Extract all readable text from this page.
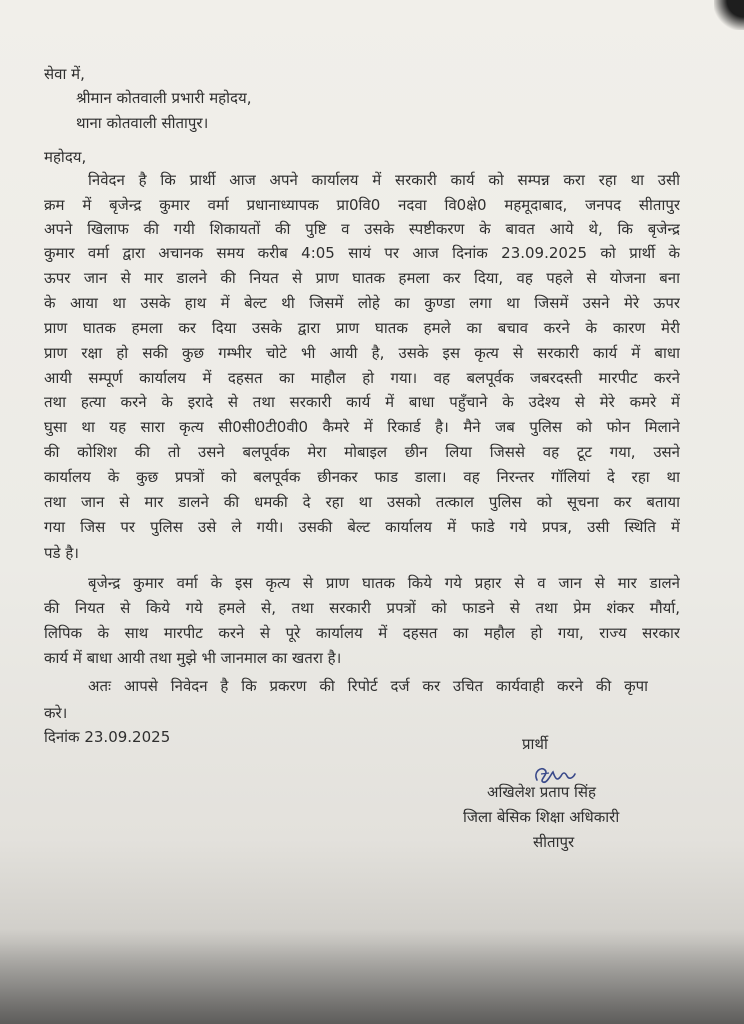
सेवा में,
श्रीमान कोतवाली प्रभारी महोदय,
थाना कोतवाली सीतापुर।
महोदय,
निवेदन है कि प्रार्थी आज अपने कार्यालय में सरकारी कार्य को सम्पन्न करा रहा था उसी
क्रम में बृजेन्द्र कुमार वर्मा प्रधानाध्यापक प्रा0वि0 नदवा वि0क्षे0 महमूदाबाद, जनपद सीतापुर
अपने खिलाफ की गयी शिकायतों की पुष्टि व उसके स्पष्टीकरण के बावत आये थे, कि बृजेन्द्र
कुमार वर्मा द्वारा अचानक समय करीब 4:05 सायं पर आज दिनांक 23.09.2025 को प्रार्थी के
ऊपर जान से मार डालने की नियत से प्राण घातक हमला कर दिया, वह पहले से योजना बना
के आया था उसके हाथ में बेल्ट थी जिसमें लोहे का कुण्डा लगा था जिसमें उसने मेरे ऊपर
प्राण घातक हमला कर दिया उसके द्वारा प्राण घातक हमले का बचाव करने के कारण मेरी
प्राण रक्षा हो सकी कुछ गम्भीर चोटे भी आयी है, उसके इस कृत्य से सरकारी कार्य में बाधा
आयी सम्पूर्ण कार्यालय में दहसत का माहौल हो गया। वह बलपूर्वक जबरदस्ती मारपीट करने
तथा हत्या करने के इरादे से तथा सरकारी कार्य में बाधा पहुँचाने के उदेश्य से मेरे कमरे में
घुसा था यह सारा कृत्य सी0सी0टी0वी0 कैमरे में रिकार्ड है। मैने जब पुलिस को फोन मिलाने
की कोशिश की तो उसने बलपूर्वक मेरा मोबाइल छीन लिया जिससे वह टूट गया, उसने
कार्यालय के कुछ प्रपत्रों को बलपूर्वक छीनकर फाड डाला। वह निरन्तर गॉलियां दे रहा था
तथा जान से मार डालने की धमकी दे रहा था उसको तत्काल पुलिस को सूचना कर बताया
गया जिस पर पुलिस उसे ले गयी। उसकी बेल्ट कार्यालय में फाडे गये प्रपत्र, उसी स्थिति में
पडे है।
बृजेन्द्र कुमार वर्मा के इस कृत्य से प्राण घातक किये गये प्रहार से व जान से मार डालने
की नियत से किये गये हमले से, तथा सरकारी प्रपत्रों को फाडने से तथा प्रेम शंकर मौर्या,
लिपिक के साथ मारपीट करने से पूरे कार्यालय में दहसत का महौल हो गया, राज्य सरकार
कार्य में बाधा आयी तथा मुझे भी जानमाल का खतरा है।
अतः आपसे निवेदन है कि प्रकरण की रिपोर्ट दर्ज कर उचित कार्यवाही करने की कृपा
करे।
दिनांक 23.09.2025	प्रार्थी
अखिलेश प्रताप सिंह
जिला बेसिक शिक्षा अधिकारी
सीतापुर
